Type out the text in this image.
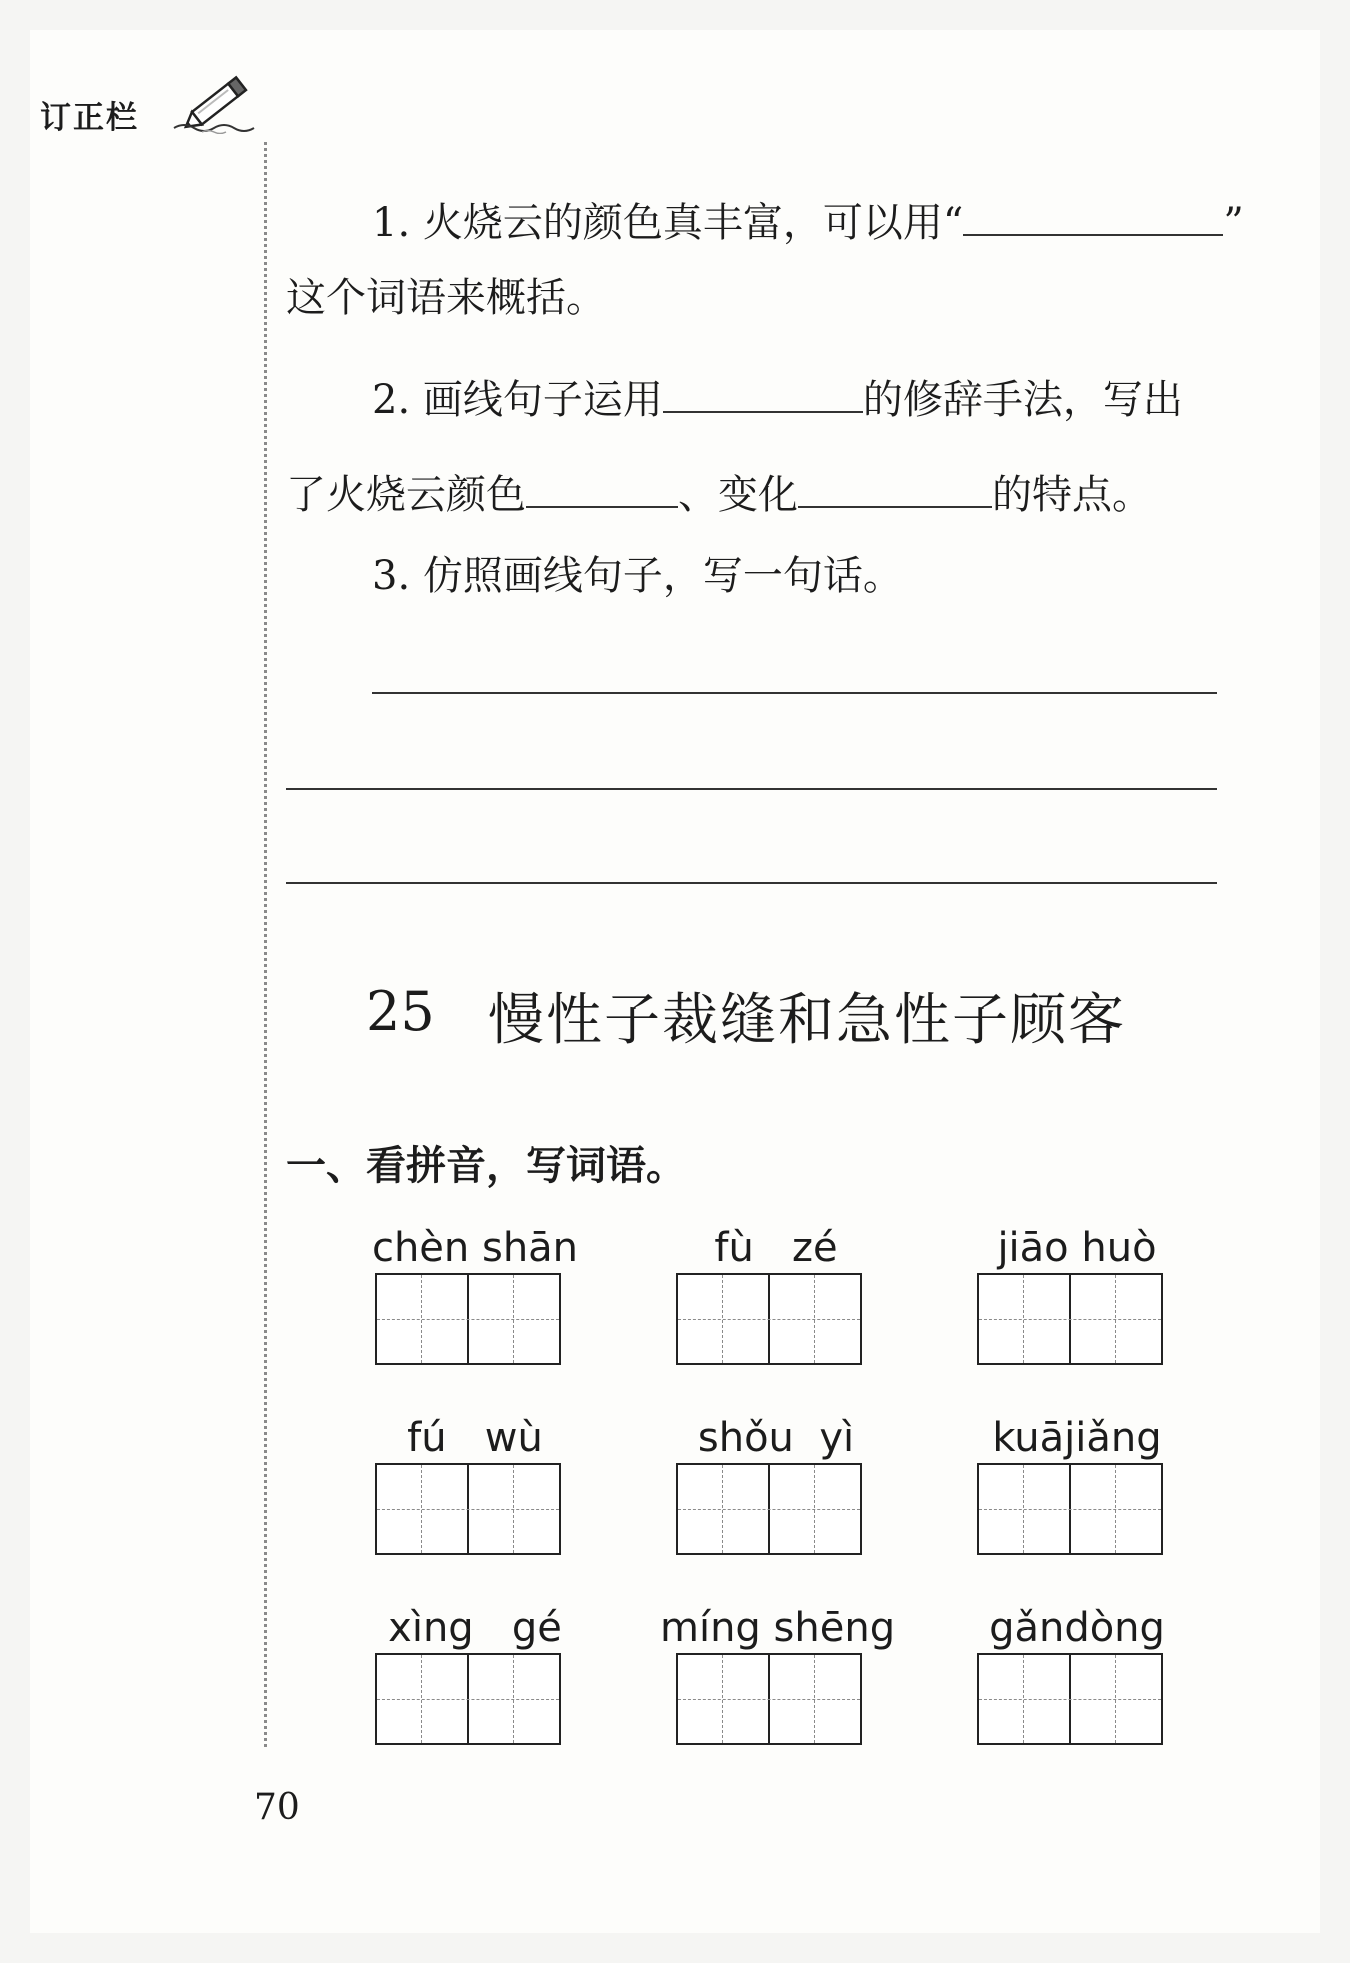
订正栏
1. 火烧云的颜色真丰富，可以用“	”
这个词语来概括。
2. 画线句子运用	的修辞手法，写出
了火烧云颜色	、变化	的特点。
3. 仿照画线句子，写一句话。
25 慢性子裁缝和急性子顾客
一、看拼音，写词语。
chèn shān	fù   zé	jiāo huò
fú   wù	shǒu  yì	kuājiǎng
xìng   gé	míng shēng	gǎndòng
70
